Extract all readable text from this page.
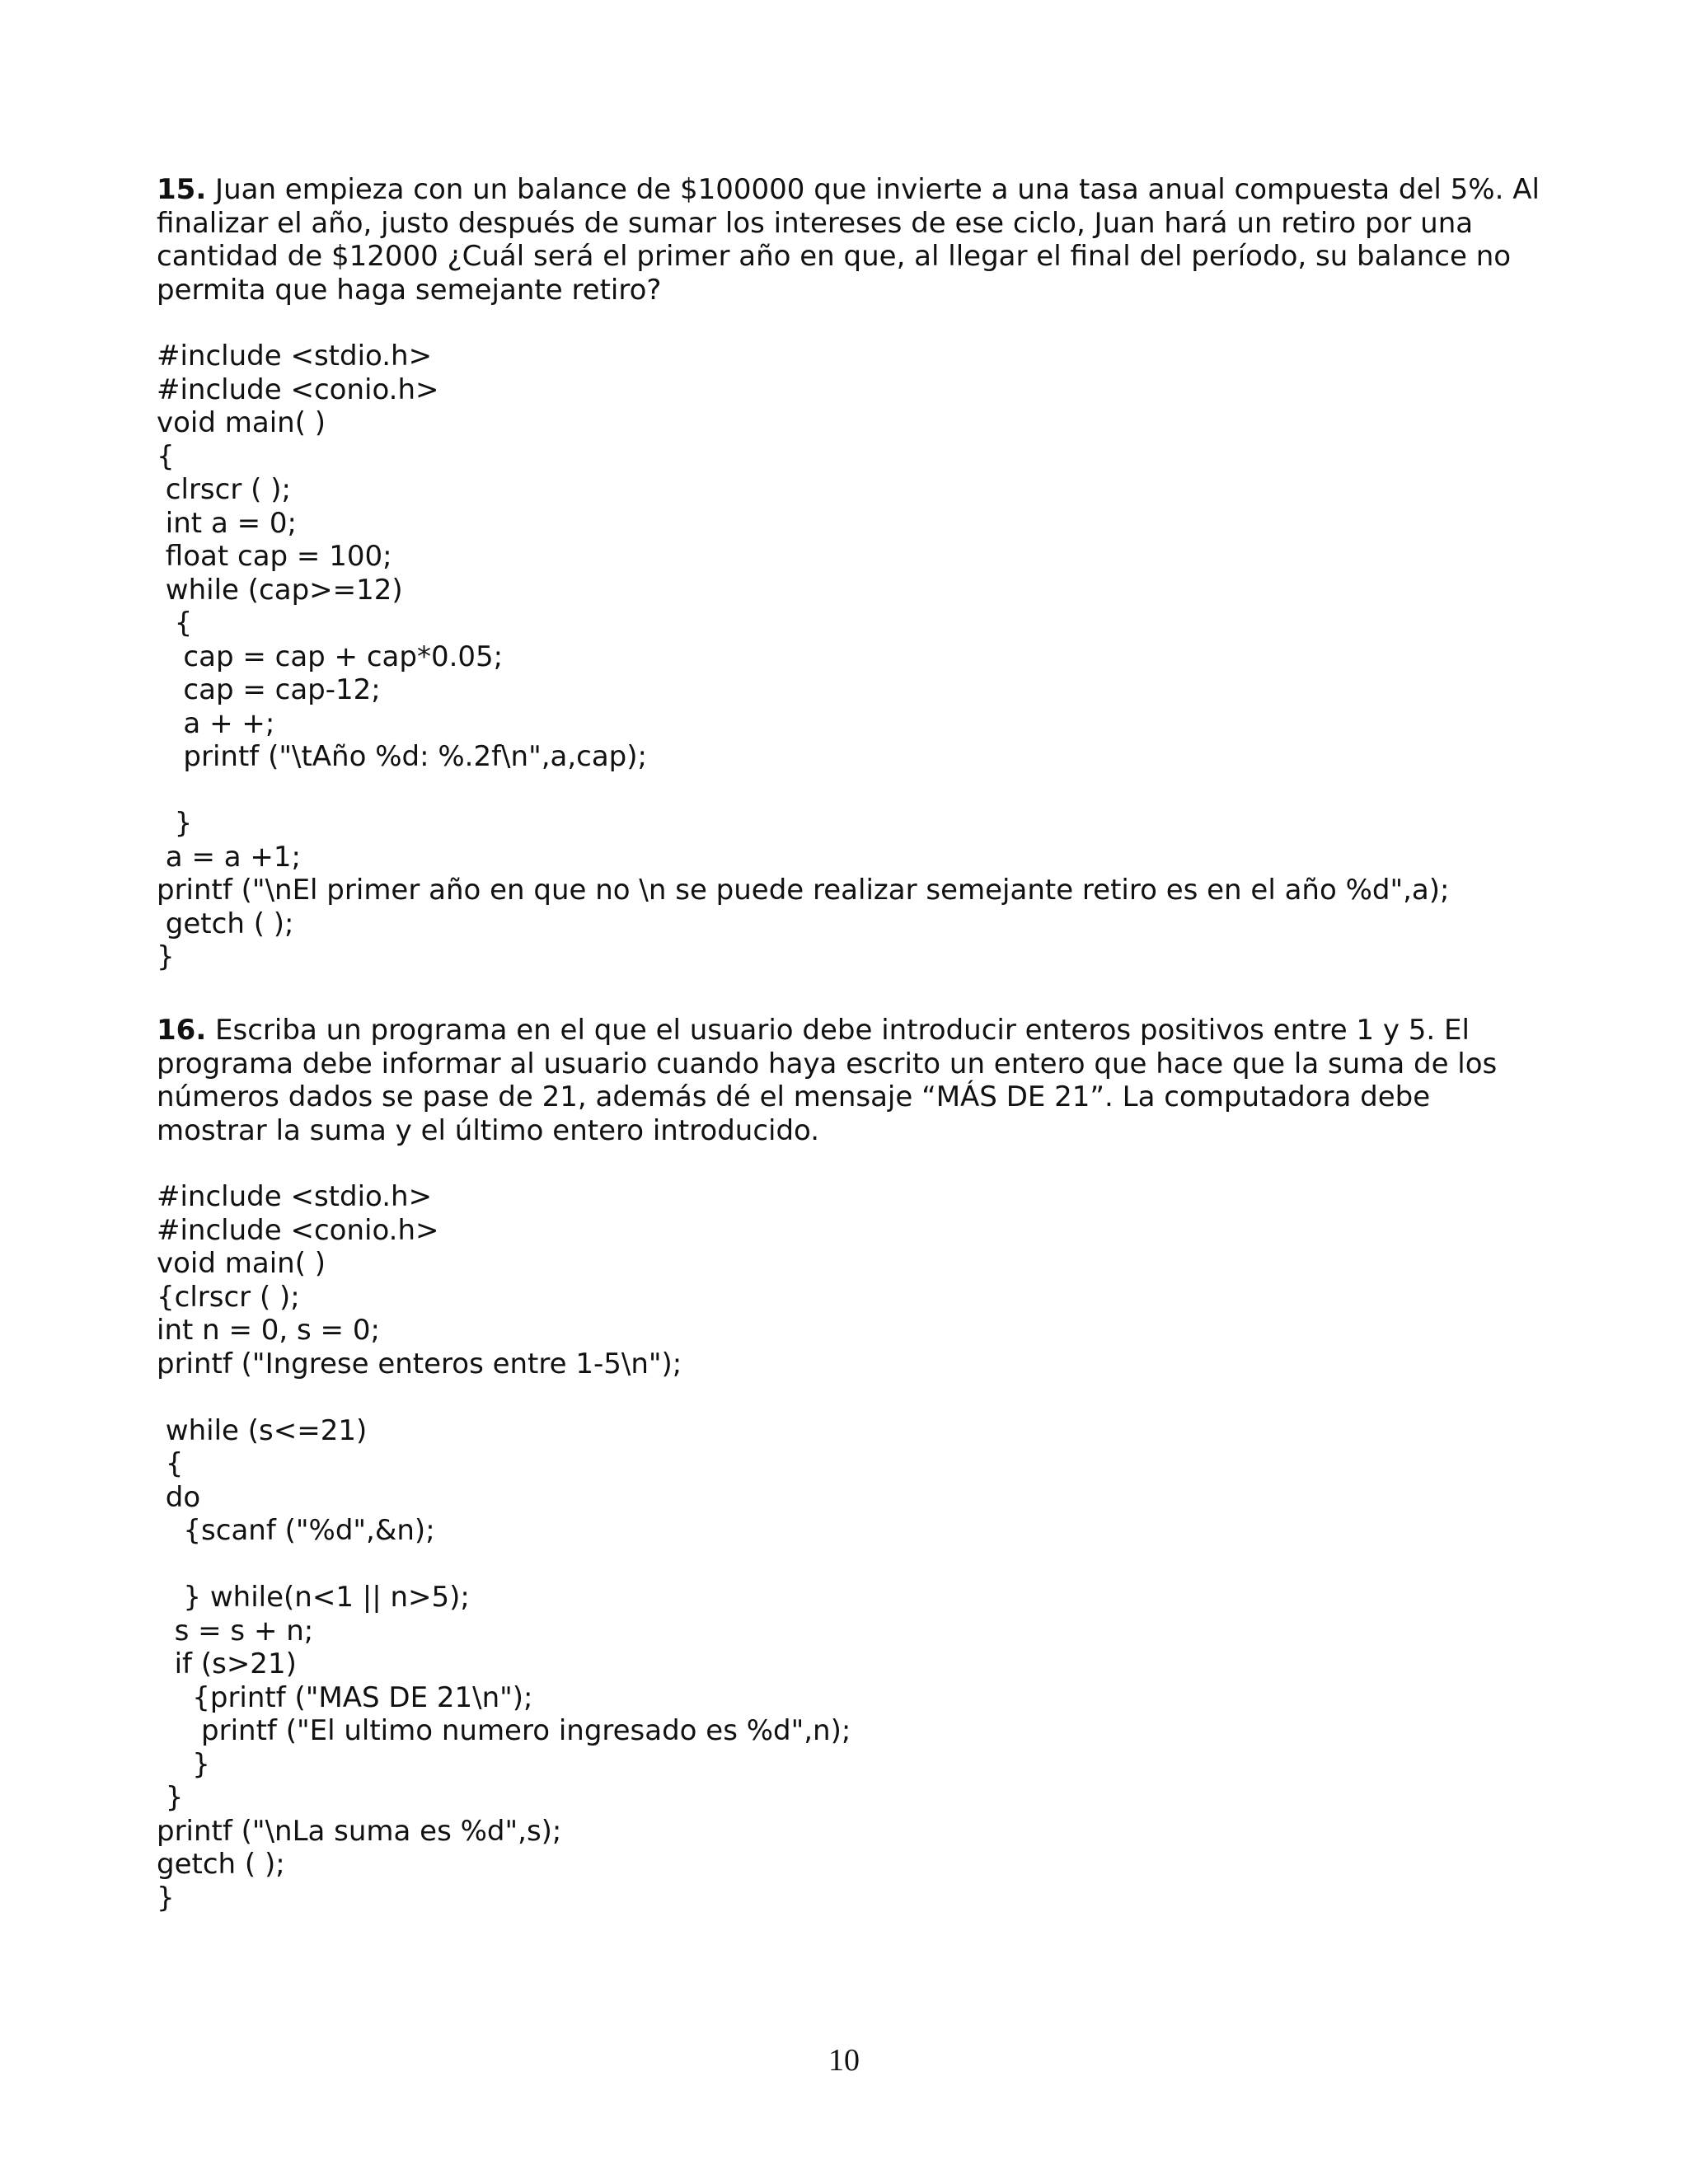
15. Juan empieza con un balance de $100000 que invierte a una tasa anual compuesta del 5%. Al finalizar el año, justo después de sumar los intereses de ese ciclo, Juan hará un retiro por una cantidad de $12000 ¿Cuál será el primer año en que, al llegar el final del período, su balance no permita que haga semejante retiro?
#include <stdio.h>
#include <conio.h>
void main( )
{
clrscr ( );
int a = 0;
float cap = 100;
while (cap>=12)
{
cap = cap + cap*0.05;
cap = cap-12;
a + +;
printf ("\tAño %d: %.2f\n",a,cap);
}
a = a +1;
printf ("\nEl primer año en que no \n se puede realizar semejante retiro es en el año %d",a);
getch ( );
}
16. Escriba un programa en el que el usuario debe introducir enteros positivos entre 1 y 5. El programa debe informar al usuario cuando haya escrito un entero que hace que la suma de los números dados se pase de 21, además dé el mensaje “MÁS DE 21”. La computadora debe mostrar la suma y el último entero introducido.
#include <stdio.h>
#include <conio.h>
void main( )
{clrscr ( );
int n = 0, s = 0;
printf ("Ingrese enteros entre 1-5\n");
while (s<=21)
{
do
{scanf ("%d",&n);
} while(n<1 || n>5);
s = s + n;
if (s>21)
{printf ("MAS DE 21\n");
printf ("El ultimo numero ingresado es %d",n);
}
}
printf ("\nLa suma es %d",s);
getch ( );
}
10
